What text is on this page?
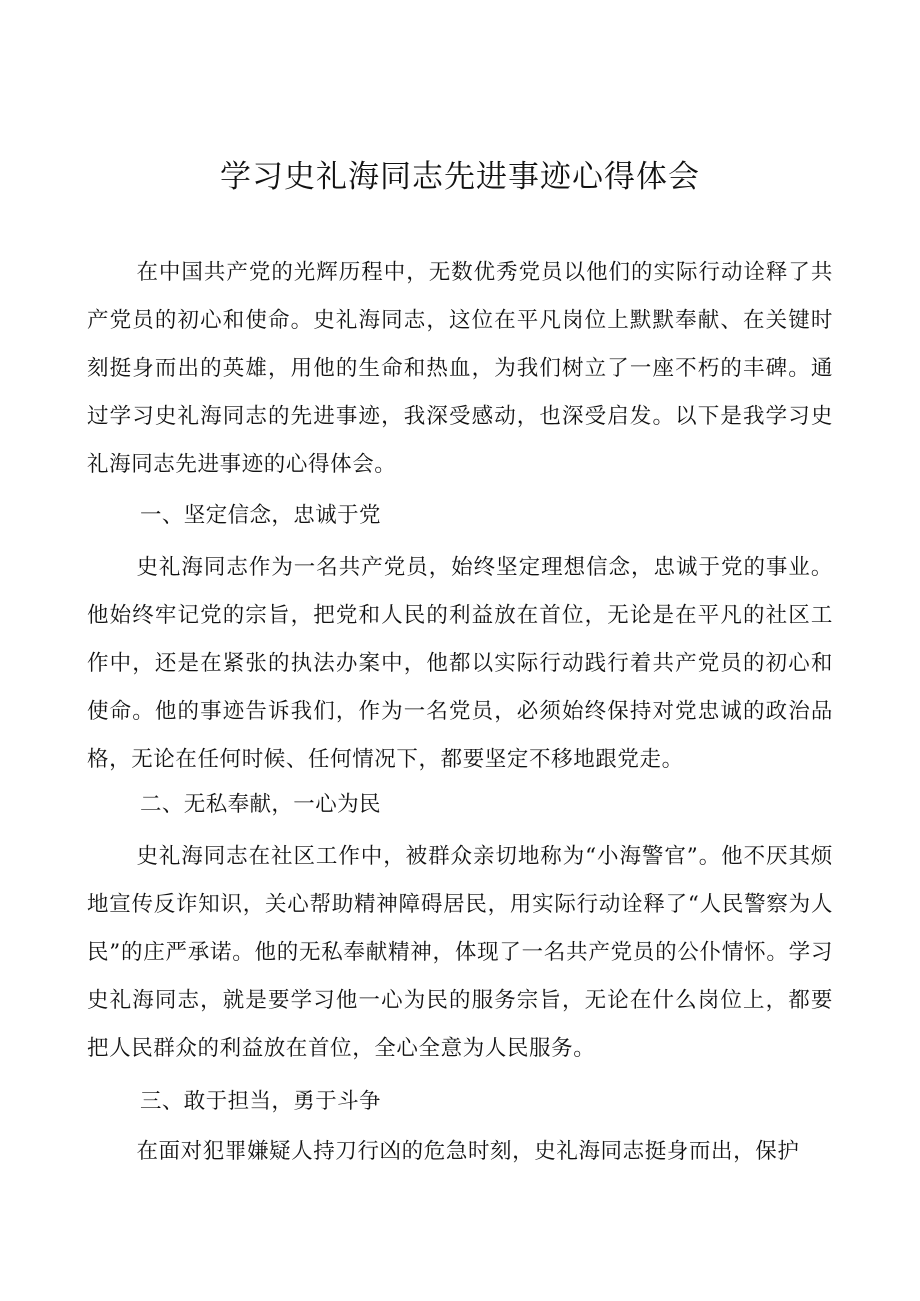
学习史礼海同志先进事迹心得体会
在中国共产党的光辉历程中，无数优秀党员以他们的实际行动诠释了共产党员的初心和使命。史礼海同志，这位在平凡岗位上默默奉献、在关键时刻挺身而出的英雄，用他的生命和热血，为我们树立了一座不朽的丰碑。通过学习史礼海同志的先进事迹，我深受感动，也深受启发。以下是我学习史礼海同志先进事迹的心得体会。
一、坚定信念，忠诚于党
史礼海同志作为一名共产党员，始终坚定理想信念，忠诚于党的事业。他始终牢记党的宗旨，把党和人民的利益放在首位，无论是在平凡的社区工作中，还是在紧张的执法办案中，他都以实际行动践行着共产党员的初心和使命。他的事迹告诉我们，作为一名党员，必须始终保持对党忠诚的政治品格，无论在任何时候、任何情况下，都要坚定不移地跟党走。
二、无私奉献，一心为民
史礼海同志在社区工作中，被群众亲切地称为“小海警官”。他不厌其烦地宣传反诈知识，关心帮助精神障碍居民，用实际行动诠释了“人民警察为人民”的庄严承诺。他的无私奉献精神，体现了一名共产党员的公仆情怀。学习史礼海同志，就是要学习他一心为民的服务宗旨，无论在什么岗位上，都要把人民群众的利益放在首位，全心全意为人民服务。
三、敢于担当，勇于斗争
在面对犯罪嫌疑人持刀行凶的危急时刻，史礼海同志挺身而出，保护
